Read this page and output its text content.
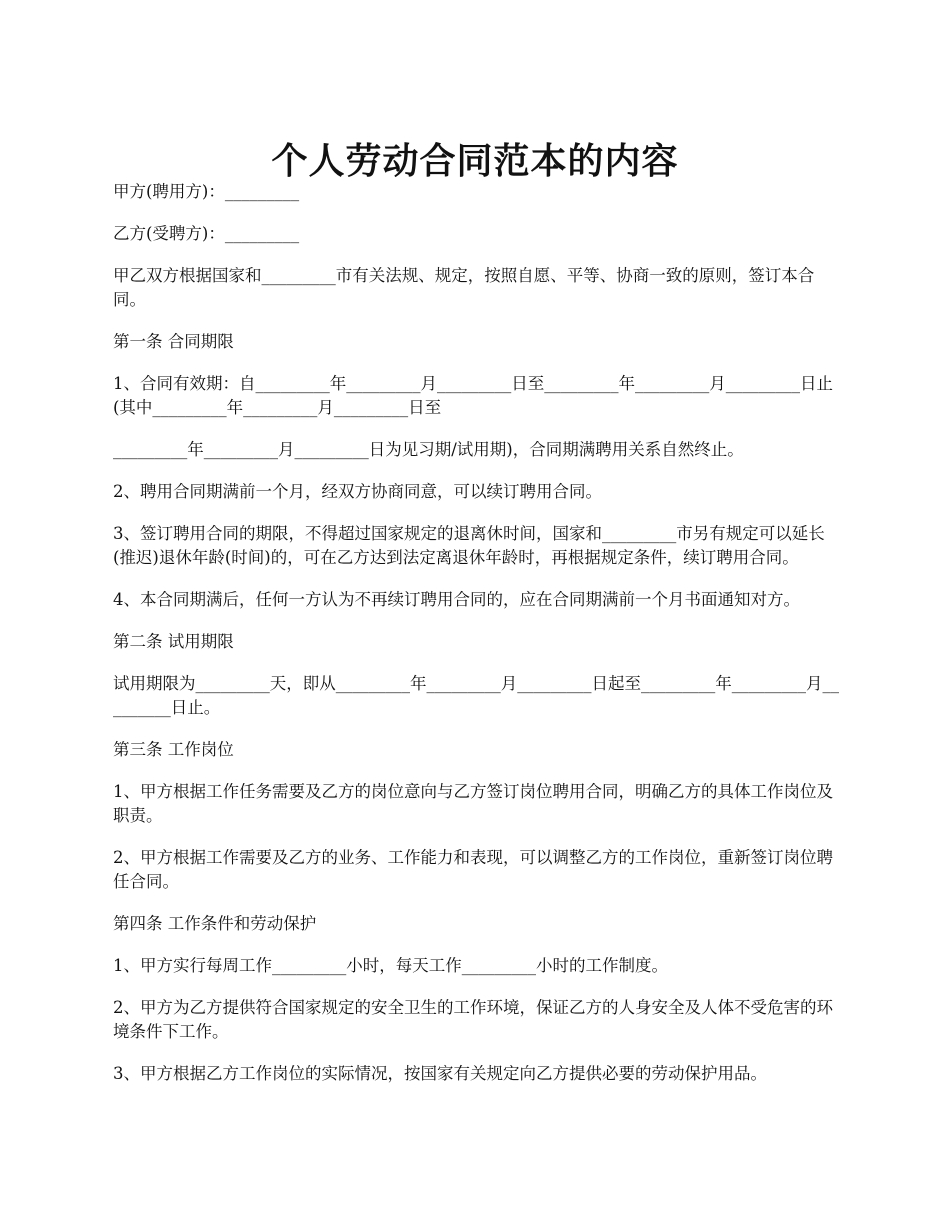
个人劳动合同范本的内容

甲方(聘用方)：_________

乙方(受聘方)：_________

甲乙双方根据国家和_________市有关法规、规定，按照自愿、平等、协商一致的原则，签订本合同。

第一条 合同期限

1、合同有效期：自_________年_________月_________日至_________年_________月_________日止(其中_________年_________月_________日至

_________年_________月_________日为见习期/试用期)，合同期满聘用关系自然终止。

2、聘用合同期满前一个月，经双方协商同意，可以续订聘用合同。

3、签订聘用合同的期限，不得超过国家规定的退离休时间，国家和_________市另有规定可以延长(推迟)退休年龄(时间)的，可在乙方达到法定离退休年龄时，再根据规定条件，续订聘用合同。

4、本合同期满后，任何一方认为不再续订聘用合同的，应在合同期满前一个月书面通知对方。

第二条 试用期限

试用期限为_________天，即从_________年_________月_________日起至_________年_________月_________日止。

第三条 工作岗位

1、甲方根据工作任务需要及乙方的岗位意向与乙方签订岗位聘用合同，明确乙方的具体工作岗位及职责。

2、甲方根据工作需要及乙方的业务、工作能力和表现，可以调整乙方的工作岗位，重新签订岗位聘任合同。

第四条 工作条件和劳动保护

1、甲方实行每周工作_________小时，每天工作_________小时的工作制度。

2、甲方为乙方提供符合国家规定的安全卫生的工作环境，保证乙方的人身安全及人体不受危害的环境条件下工作。

3、甲方根据乙方工作岗位的实际情况，按国家有关规定向乙方提供必要的劳动保护用品。
